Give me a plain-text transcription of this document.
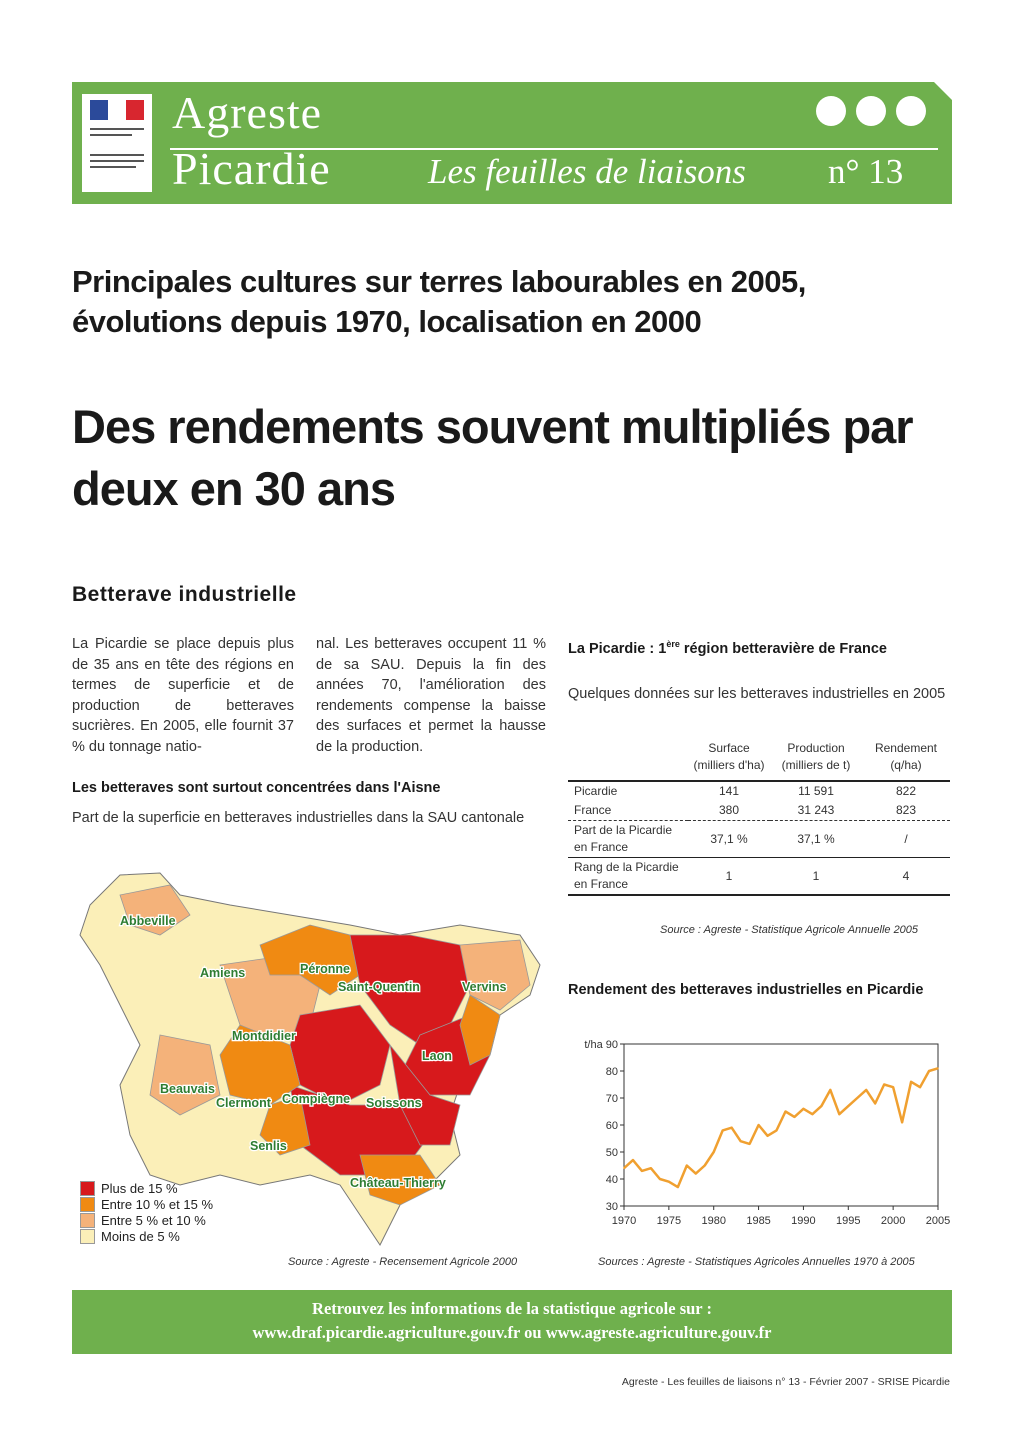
Agreste
Picardie	Les feuilles de liaisons n° 13
Principales cultures sur terres labourables en 2005, évolutions depuis 1970, localisation en 2000
Des rendements souvent multipliés par deux en 30 ans
Betterave industrielle
La Picardie se place depuis plus de 35 ans en tête des régions en termes de superficie et de production de betteraves sucrières. En 2005, elle fournit 37 % du tonnage natio-
nal. Les betteraves occupent 11 % de sa SAU. Depuis la fin des années 70, l'amélioration des rendements compense la baisse des surfaces et permet la hausse de la production.
Les betteraves sont surtout concentrées dans l'Aisne
Part de la superficie en betteraves industrielles dans la SAU cantonale
Abbeville
Amiens	Péronne
Saint-Quentin	Vervins
Montdidier
Laon
Beauvais
Clermont Compiègne Soissons
Senlis
Château-Thierry
Plus de 15 %
Entre 10 % et 15 %
Entre 5 % et 10 %
Moins de 5 %
Source : Agreste - Recensement Agricole 2000
La Picardie : 1ère région betteravière de France
Quelques données sur les betteraves industrielles en 2005
	Surface (milliers d'ha)	Production (milliers de t)	Rendement (q/ha)
Picardie	141	11 591	822
France	380	31 243	823
Part de la Picardie en France	37,1 %	37,1 %	/
Rang de la Picardie en France	1	1	4
Source : Agreste - Statistique Agricole Annuelle 2005
Rendement des betteraves industrielles en Picardie
30
40
50
60
70
80
t/ha 90
1970 1975 1980 1985 1990 1995 2000 2005
Sources : Agreste - Statistiques Agricoles Annuelles 1970 à 2005
Retrouvez les informations de la statistique agricole sur :
www.draf.picardie.agriculture.gouv.fr ou www.agreste.agriculture.gouv.fr
Agreste - Les feuilles de liaisons n° 13 - Février 2007 - SRISE Picardie
